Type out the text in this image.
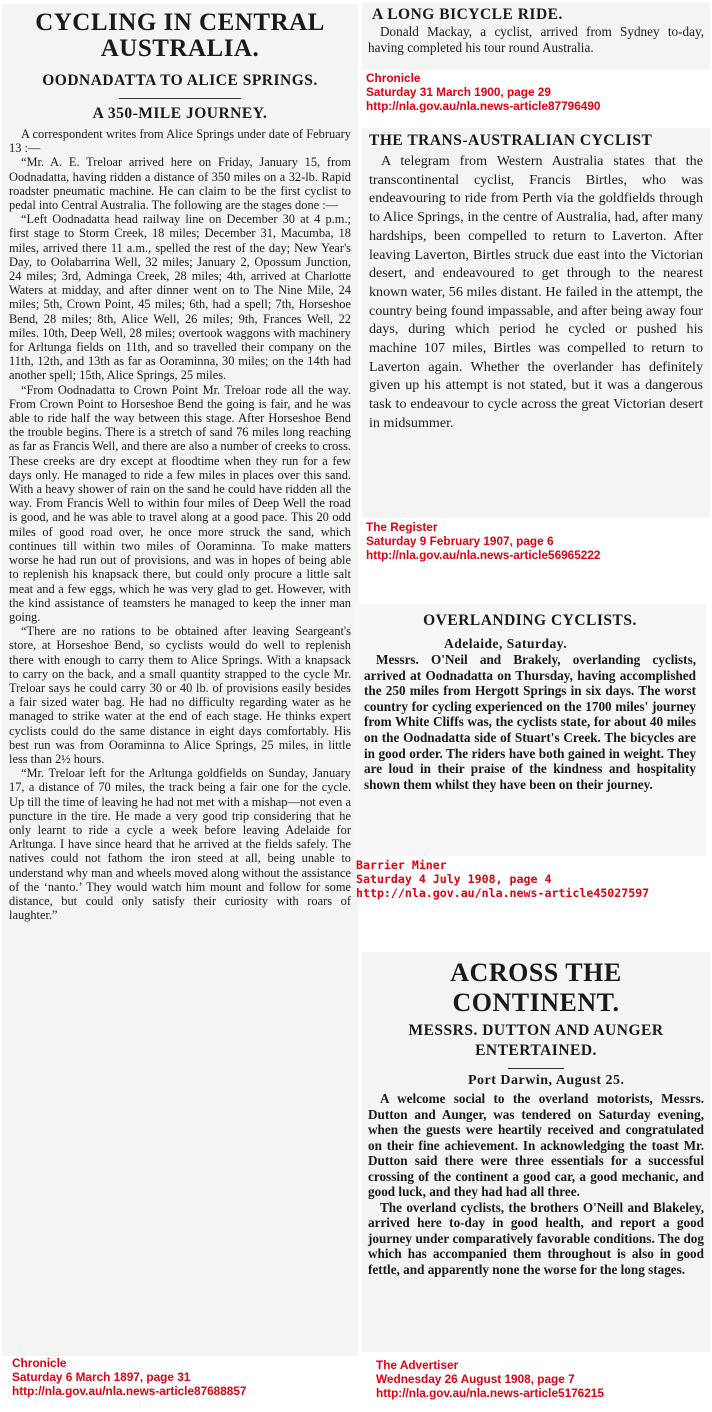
CYCLING IN CENTRAL
AUSTRALIA.
OODNADATTA TO ALICE SPRINGS.
A 350-MILE JOURNEY.

A correspondent writes from Alice Springs under date of February 13 :—

“Mr. A. E. Treloar arrived here on Friday, January 15, from Oodnadatta, having ridden a distance of 350 miles on a 32-lb. Rapid roadster pneumatic machine. He can claim to be the first cyclist to pedal into Central Australia. The following are the stages done :—

“Left Oodnadatta head railway line on December 30 at 4 p.m.; first stage to Storm Creek, 18 miles; December 31, Macumba, 18 miles, arrived there 11 a.m., spelled the rest of the day; New Year's Day, to Oolabarrina Well, 32 miles; January 2, Opossum Junction, 24 miles; 3rd, Adminga Creek, 28 miles; 4th, arrived at Charlotte Waters at midday, and after dinner went on to The Nine Mile, 24 miles; 5th, Crown Point, 45 miles; 6th, had a spell; 7th, Horseshoe Bend, 28 miles; 8th, Alice Well, 26 miles; 9th, Frances Well, 22 miles. 10th, Deep Well, 28 miles; overtook waggons with machinery for Arltunga fields on 11th, and so travelled their company on the 11th, 12th, and 13th as far as Ooraminna, 30 miles; on the 14th had another spell; 15th, Alice Springs, 25 miles.

“From Oodnadatta to Crown Point Mr. Treloar rode all the way. From Crown Point to Horseshoe Bend the going is fair, and he was able to ride half the way between this stage. After Horseshoe Bend the trouble begins. There is a stretch of sand 76 miles long reaching as far as Francis Well, and there are also a number of creeks to cross. These creeks are dry except at floodtime when they run for a few days only. He managed to ride a few miles in places over this sand. With a heavy shower of rain on the sand he could have ridden all the way. From Francis Well to within four miles of Deep Well the road is good, and he was able to travel along at a good pace. This 20 odd miles of good road over, he once more struck the sand, which continues till within two miles of Ooraminna. To make matters worse he had run out of provisions, and was in hopes of being able to replenish his knapsack there, but could only procure a little salt meat and a few eggs, which he was very glad to get. However, with the kind assistance of teamsters he managed to keep the inner man going.

“There are no rations to be obtained after leaving Seargeant's store, at Horseshoe Bend, so cyclists would do well to replenish there with enough to carry them to Alice Springs. With a knapsack to carry on the back, and a small quantity strapped to the cycle Mr. Treloar says he could carry 30 or 40 lb. of provisions easily besides a fair sized water bag. He had no difficulty regarding water as he managed to strike water at the end of each stage. He thinks expert cyclists could do the same distance in eight days comfortably. His best run was from Ooraminna to Alice Springs, 25 miles, in little less than 2½ hours.

“Mr. Treloar left for the Arltunga goldfields on Sunday, January 17, a distance of 70 miles, the track being a fair one for the cycle. Up till the time of leaving he had not met with a mishap—not even a puncture in the tire. He made a very good trip considering that he only learnt to ride a cycle a week before leaving Adelaide for Arltunga. I have since heard that he arrived at the fields safely. The natives could not fathom the iron steed at all, being unable to understand why man and wheels moved along without the assistance of the ‘nanto.’ They would watch him mount and follow for some distance, but could only satisfy their curiosity with roars of laughter.”

Chronicle
Saturday 6 March 1897, page 31
http://nla.gov.au/nla.news-article87688857
A LONG BICYCLE RIDE.

Donald Mackay, a cyclist, arrived from Sydney to-day, having completed his tour round Australia.

Chronicle
Saturday 31 March 1900, page 29
http://nla.gov.au/nla.news-article87796490
THE TRANS-AUSTRALIAN CYCLIST

A telegram from Western Australia states that the transcontinental cyclist, Francis Birtles, who was endeavouring to ride from Perth via the goldfields through to Alice Springs, in the centre of Australia, had, after many hardships, been compelled to return to Laverton. After leaving Laverton, Birtles struck due east into the Victorian desert, and endeavoured to get through to the nearest known water, 56 miles distant. He failed in the attempt, the country being found impassable, and after being away four days, during which period he cycled or pushed his machine 107 miles, Birtles was compelled to return to Laverton again. Whether the overlander has definitely given up his attempt is not stated, but it was a dangerous task to endeavour to cycle across the great Victorian desert in midsummer.

The Register
Saturday 9 February 1907, page 6
http://nla.gov.au/nla.news-article56965222
OVERLANDING CYCLISTS.
Adelaide, Saturday.

Messrs. O'Neil and Brakely, overlanding cyclists, arrived at Oodnadatta on Thursday, having accomplished the 250 miles from Hergott Springs in six days. The worst country for cycling experienced on the 1700 miles' journey from White Cliffs was, the cyclists state, for about 40 miles on the Oodnadatta side of Stuart's Creek. The bicycles are in good order. The riders have both gained in weight. They are loud in their praise of the kindness and hospitality shown them whilst they have been on their journey.

Barrier Miner
Saturday 4 July 1908, page 4
http://nla.gov.au/nla.news-article45027597
ACROSS THE CONTINENT.
MESSRS. DUTTON AND AUNGER
ENTERTAINED.
Port Darwin, August 25.

A welcome social to the overland motorists, Messrs. Dutton and Aunger, was tendered on Saturday evening, when the guests were heartily received and congratulated on their fine achievement. In acknowledging the toast Mr. Dutton said there were three essentials for a successful crossing of the continent a good car, a good mechanic, and good luck, and they had had all three.

The overland cyclists, the brothers O'Neill and Blakeley, arrived here to-day in good health, and report a good journey under comparatively favorable conditions. The dog which has accompanied them throughout is also in good fettle, and apparently none the worse for the long stages.

The Advertiser
Wednesday 26 August 1908, page 7
http://nla.gov.au/nla.news-article5176215
